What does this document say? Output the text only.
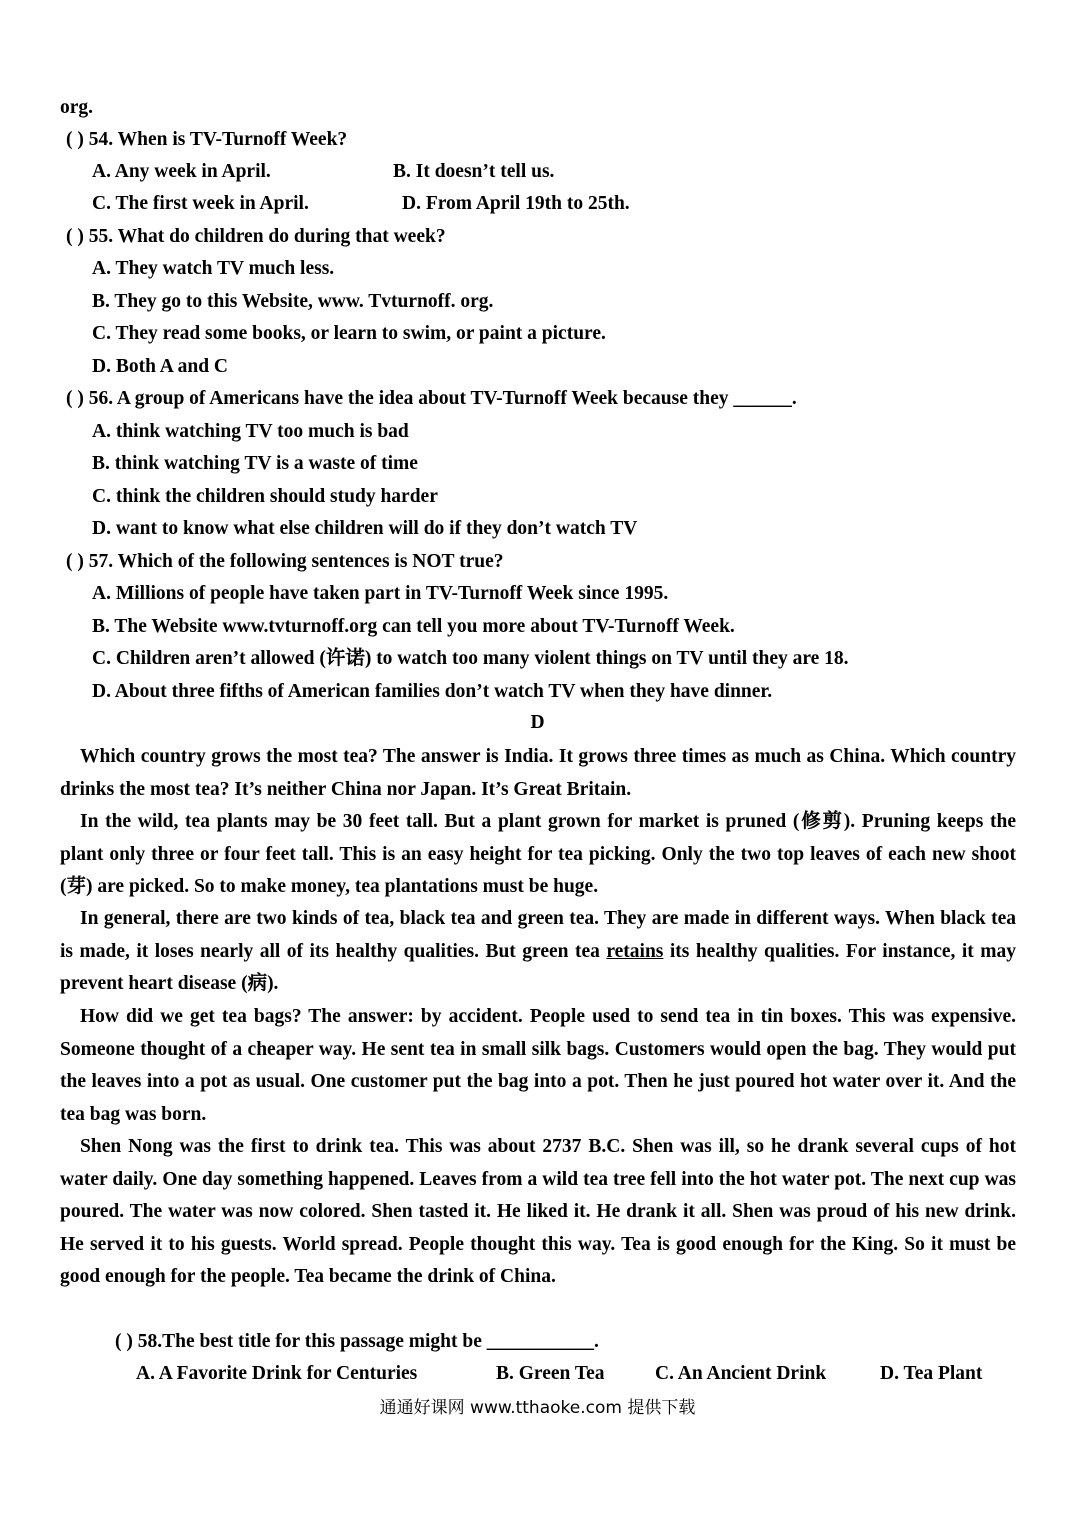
org.
( ) 54. When is TV-Turnoff Week?
A. Any week in April.	B. It doesn’t tell us.
C. The first week in April.	D. From April 19th to 25th.
( ) 55. What do children do during that week?
A. They watch TV much less.
B. They go to this Website, www. Tvturnoff. org.
C. They read some books, or learn to swim, or paint a picture.
D. Both A and C
( ) 56. A group of Americans have the idea about TV-Turnoff Week because they ______.
A. think watching TV too much is bad
B. think watching TV is a waste of time
C. think the children should study harder
D. want to know what else children will do if they don’t watch TV
( ) 57. Which of the following sentences is NOT true?
A. Millions of people have taken part in TV-Turnoff Week since 1995.
B. The Website www.tvturnoff.org can tell you more about TV-Turnoff Week.
C. Children aren’t allowed (许诺) to watch too many violent things on TV until they are 18.
D. About three fifths of American families don’t watch TV when they have dinner.
D

Which country grows the most tea? The answer is India. It grows three times as much as China. Which country drinks the most tea? It’s neither China nor Japan. It’s Great Britain.

In the wild, tea plants may be 30 feet tall. But a plant grown for market is pruned (修剪). Pruning keeps the plant only three or four feet tall. This is an easy height for tea picking. Only the two top leaves of each new shoot (芽) are picked. So to make money, tea plantations must be huge.

In general, there are two kinds of tea, black tea and green tea. They are made in different ways. When black tea is made, it loses nearly all of its healthy qualities. But green tea retains its healthy qualities. For instance, it may prevent heart disease (病).

How did we get tea bags? The answer: by accident. People used to send tea in tin boxes. This was expensive. Someone thought of a cheaper way. He sent tea in small silk bags. Customers would open the bag. They would put the leaves into a pot as usual. One customer put the bag into a pot. Then he just poured hot water over it. And the tea bag was born.

Shen Nong was the first to drink tea. This was about 2737 B.C. Shen was ill, so he drank several cups of hot water daily. One day something happened. Leaves from a wild tea tree fell into the hot water pot. The next cup was poured. The water was now colored. Shen tasted it. He liked it. He drank it all. Shen was proud of his new drink. He served it to his guests. World spread. People thought this way. Tea is good enough for the King. So it must be good enough for the people. Tea became the drink of China.

( ) 58.The best title for this passage might be ___________.
A. A Favorite Drink for Centuries	B. Green Tea	C. An Ancient Drink	D. Tea Plant
通通好课网 www.tthaoke.com 提供下载
